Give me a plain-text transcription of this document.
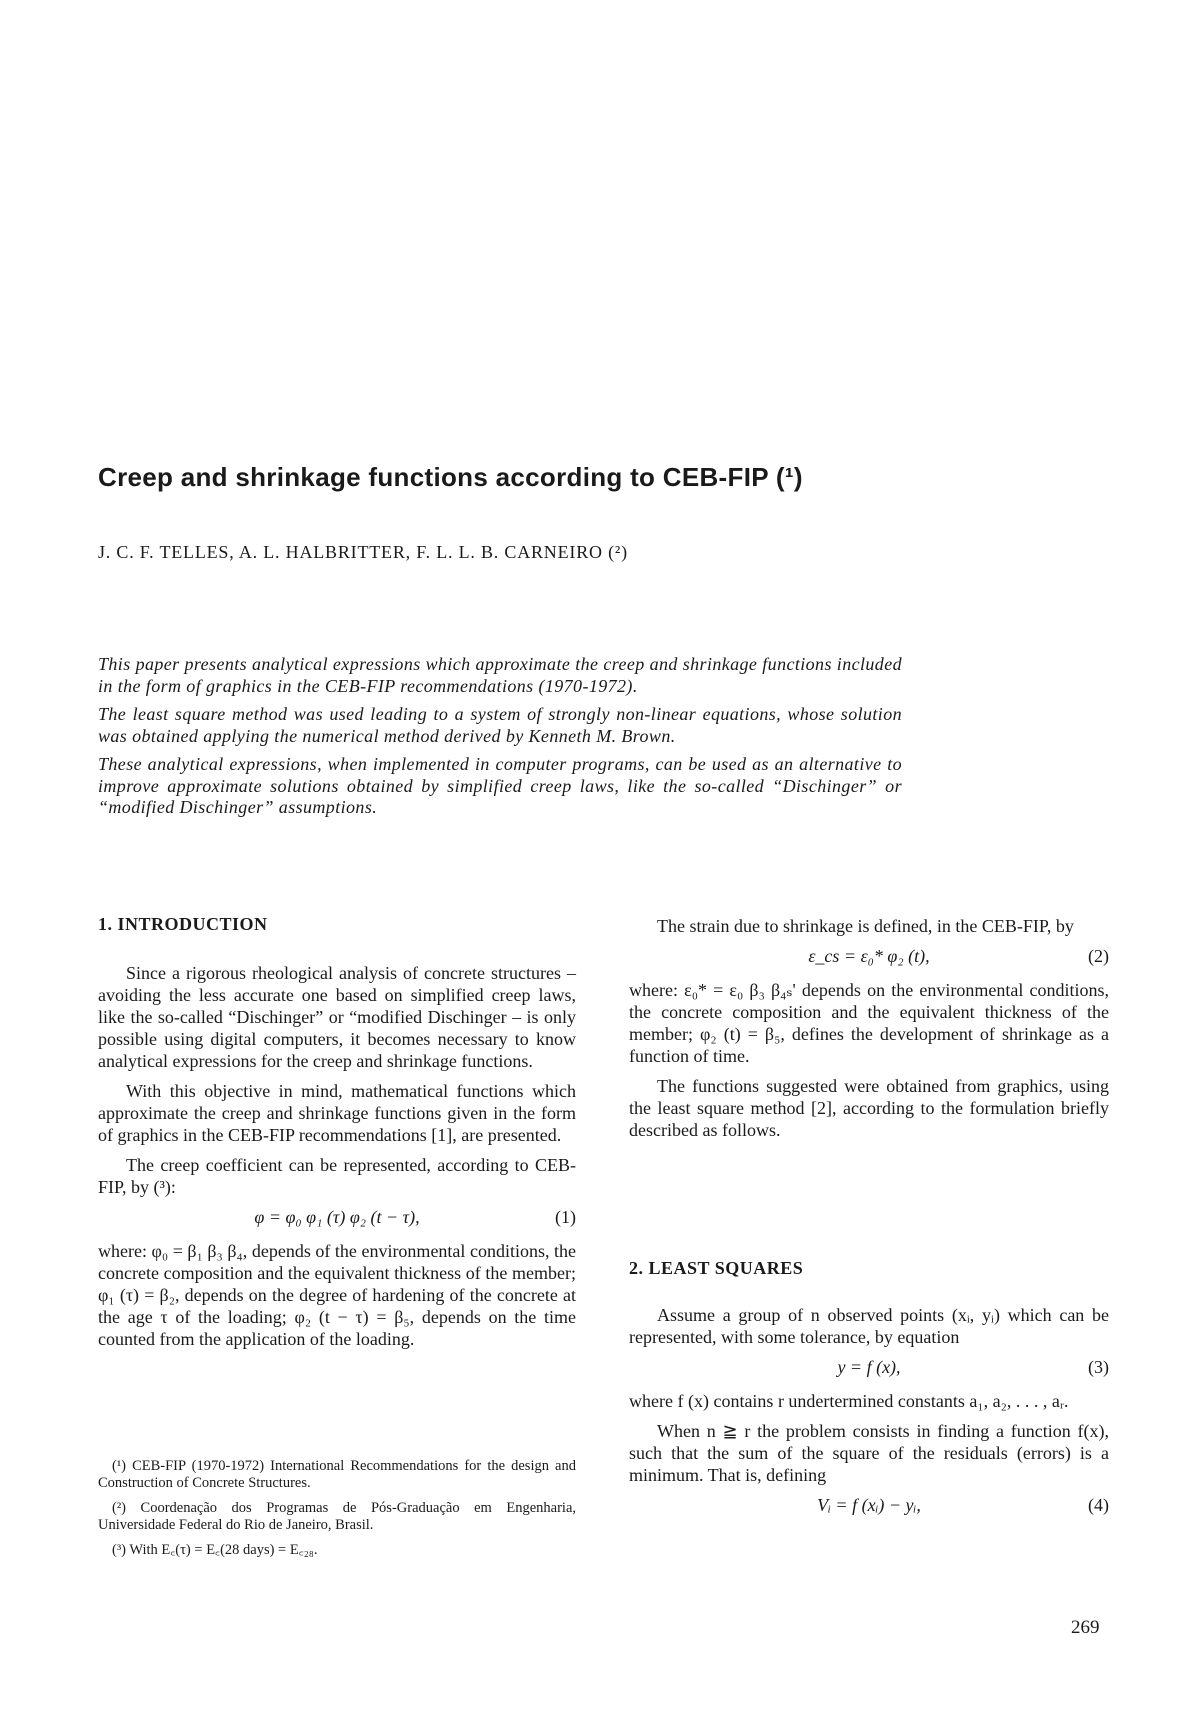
Creep and shrinkage functions according to CEB-FIP (¹)

J. C. F. TELLES, A. L. HALBRITTER, F. L. L. B. CARNEIRO (²)

This paper presents analytical expressions which approximate the creep and shrinkage functions included in the form of graphics in the CEB-FIP recommendations (1970-1972).

The least square method was used leading to a system of strongly non-linear equations, whose solution was obtained applying the numerical method derived by Kenneth M. Brown.

These analytical expressions, when implemented in computer programs, can be used as an alternative to improve approximate solutions obtained by simplified creep laws, like the so-called “Dischinger” or “modified Dischinger” assumptions.

1. INTRODUCTION

Since a rigorous rheological analysis of concrete structures – avoiding the less accurate one based on simplified creep laws, like the so-called “Dischinger” or “modified Dischinger – is only possible using digital computers, it becomes necessary to know analytical expressions for the creep and shrinkage functions.

With this objective in mind, mathematical functions which approximate the creep and shrinkage functions given in the form of graphics in the CEB-FIP recommendations [1], are presented.

The creep coefficient can be represented, according to CEB-FIP, by (³):

φ = φ₀ φ₁ (τ) φ₂ (t − τ),	(1)

where: φ₀ = β₁ β₃ β₄, depends of the environmental conditions, the concrete composition and the equivalent thickness of the member; φ₁ (τ) = β₂, depends on the degree of hardening of the concrete at the age τ of the loading; φ₂ (t − τ) = β₅, depends on the time counted from the application of the loading.

The strain due to shrinkage is defined, in the CEB-FIP, by

ε_cs = ε₀* φ₂ (t),	(2)

where: ε₀* = ε₀ β₃ β₄ₛ' depends on the environmental conditions, the concrete composition and the equivalent thickness of the member; φ₂ (t) = β₅, defines the development of shrinkage as a function of time.

The functions suggested were obtained from graphics, using the least square method [2], according to the formulation briefly described as follows.

2. LEAST SQUARES

Assume a group of n observed points (xᵢ, yᵢ) which can be represented, with some tolerance, by equation

y = f (x),	(3)

where f (x) contains r undertermined constants a₁, a₂, . . . , aᵣ.

When n ≧ r the problem consists in finding a function f(x), such that the sum of the square of the residuals (errors) is a minimum. That is, defining

Vᵢ = f (xᵢ) − yᵢ,	(4)

(¹) CEB-FIP (1970-1972) International Recommendations for the design and Construction of Concrete Structures.

(²) Coordenação dos Programas de Pós-Graduação em Engenharia, Universidade Federal do Rio de Janeiro, Brasil.

(³) With E꜀(τ) = E꜀(28 days) = E꜀₂₈.

269
